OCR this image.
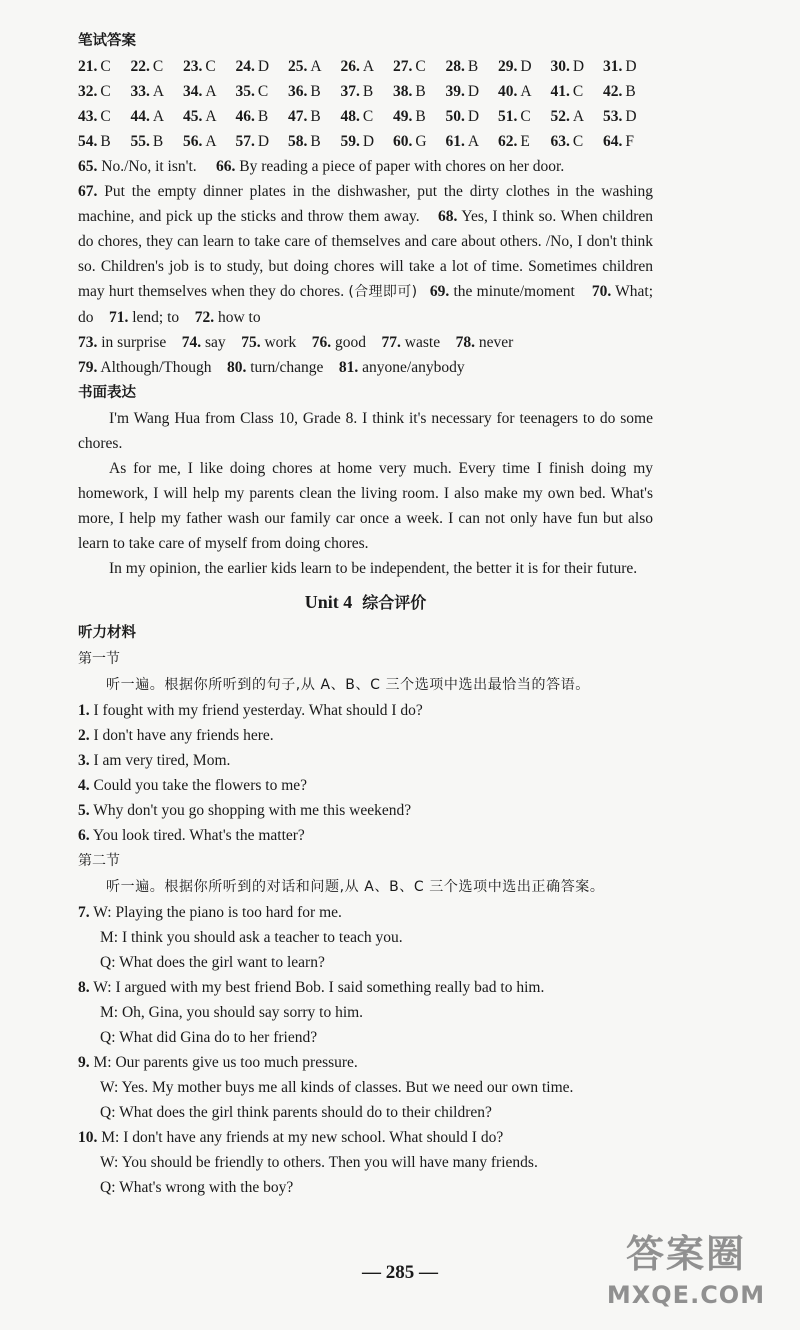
笔试答案
21. C	22. C	23. C	24. D	25. A	26. A	27. C	28. B	29. D	30. D	31. D
32. C	33. A	34. A	35. C	36. B	37. B	38. B	39. D	40. A	41. C	42. B
43. C	44. A	45. A	46. B	47. B	48. C	49. B	50. D	51. C	52. A	53. D
54. B	55. B	56. A	57. D	58. B	59. D	60. G	61. A	62. E	63. C	64. F
65. No./No, it isn't. 66. By reading a piece of paper with chores on her door.
67. Put the empty dinner plates in the dishwasher, put the dirty clothes in the washing machine, and pick up the sticks and throw them away. 68. Yes, I think so. When children do chores, they can learn to take care of themselves and care about others. /No, I don't think so. Children's job is to study, but doing chores will take a lot of time. Sometimes children may hurt themselves when they do chores. (合理即可) 69. the minute/moment 70. What; do 71. lend; to 72. how to
73. in surprise 74. say 75. work 76. good 77. waste 78. never
79. Although/Though 80. turn/change 81. anyone/anybody
书面表达
I'm Wang Hua from Class 10, Grade 8. I think it's necessary for teenagers to do some chores.
As for me, I like doing chores at home very much. Every time I finish doing my homework, I will help my parents clean the living room. I also make my own bed. What's more, I help my father wash our family car once a week. I can not only have fun but also learn to take care of myself from doing chores.
In my opinion, the earlier kids learn to be independent, the better it is for their future.
Unit 4 综合评价
听力材料
第一节
听一遍。根据你所听到的句子,从 A、B、C 三个选项中选出最恰当的答语。
1. I fought with my friend yesterday. What should I do?
2. I don't have any friends here.
3. I am very tired, Mom.
4. Could you take the flowers to me?
5. Why don't you go shopping with me this weekend?
6. You look tired. What's the matter?
第二节
听一遍。根据你所听到的对话和问题,从 A、B、C 三个选项中选出正确答案。
7. W: Playing the piano is too hard for me.
M: I think you should ask a teacher to teach you.
Q: What does the girl want to learn?
8. W: I argued with my best friend Bob. I said something really bad to him.
M: Oh, Gina, you should say sorry to him.
Q: What did Gina do to her friend?
9. M: Our parents give us too much pressure.
W: Yes. My mother buys me all kinds of classes. But we need our own time.
Q: What does the girl think parents should do to their children?
10. M: I don't have any friends at my new school. What should I do?
W: You should be friendly to others. Then you will have many friends.
Q: What's wrong with the boy?
— 285 —	答案圈
MXQE.COM
